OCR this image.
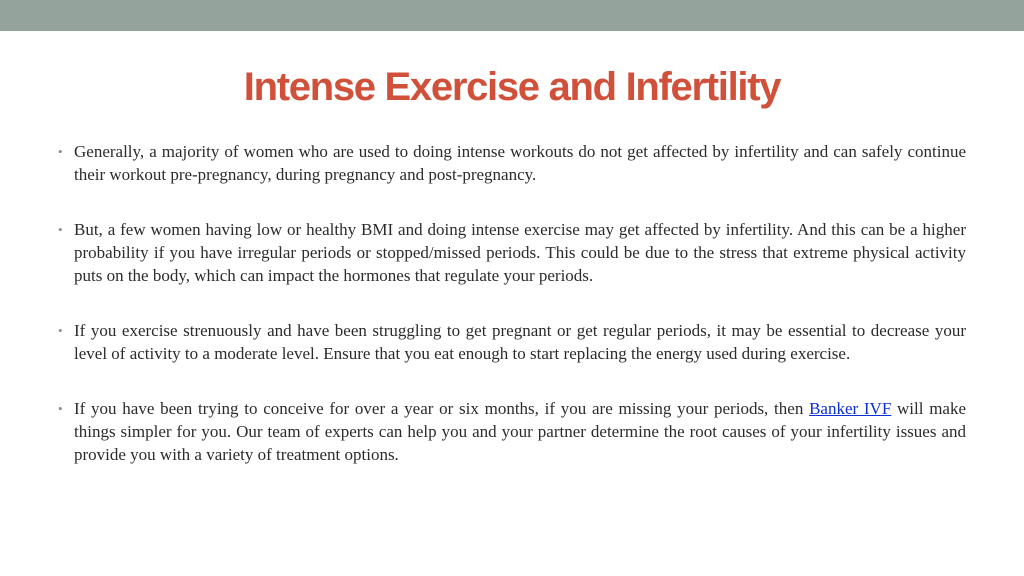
Intense Exercise and Infertility
• Generally, a majority of women who are used to doing intense workouts do not get affected by infertility and can safely continue their workout pre-pregnancy, during pregnancy and post-pregnancy.
• But, a few women having low or healthy BMI and doing intense exercise may get affected by infertility. And this can be a higher probability if you have irregular periods or stopped/missed periods. This could be due to the stress that extreme physical activity puts on the body, which can impact the hormones that regulate your periods.
• If you exercise strenuously and have been struggling to get pregnant or get regular periods, it may be essential to decrease your level of activity to a moderate level. Ensure that you eat enough to start replacing the energy used during exercise.
• If you have been trying to conceive for over a year or six months, if you are missing your periods, then Banker IVF will make things simpler for you. Our team of experts can help you and your partner determine the root causes of your infertility issues and provide you with a variety of treatment options.
